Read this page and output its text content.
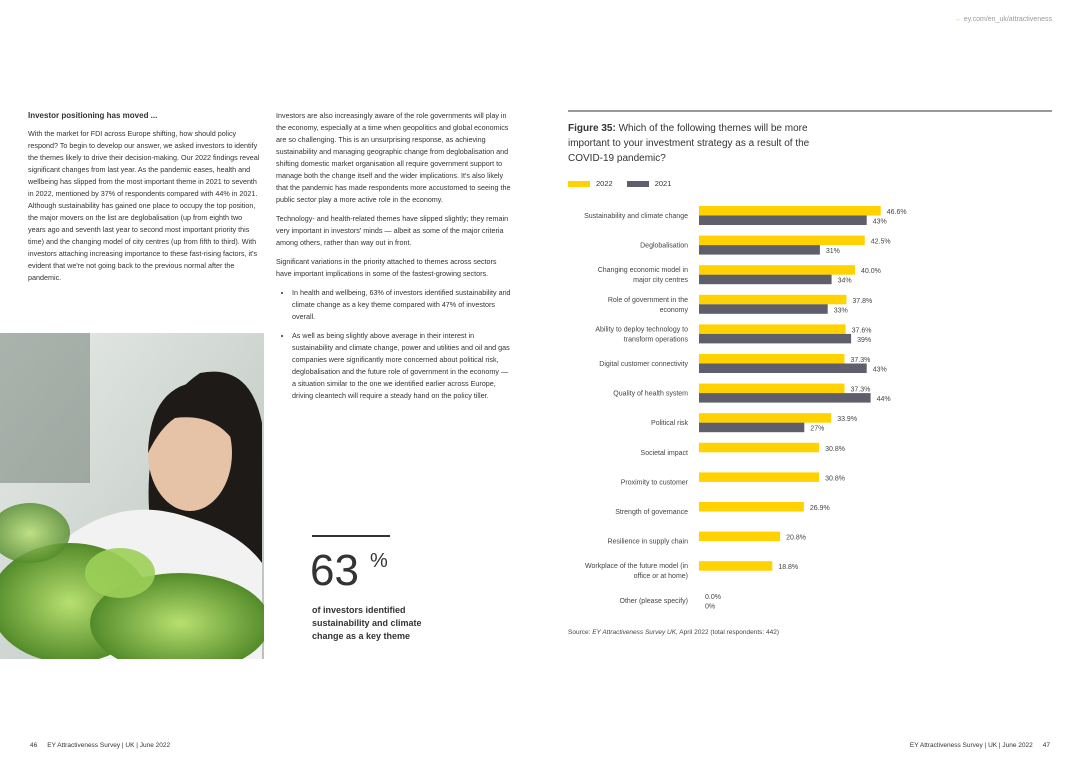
→ ey.com/en_uk/attractiveness
Investor positioning has moved ...

With the market for FDI across Europe shifting, how should policy respond? To begin to develop our answer, we asked investors to identify the themes likely to drive their decision-making. Our 2022 findings reveal significant changes from last year. As the pandemic eases, health and wellbeing has slipped from the most important theme in 2021 to seventh in 2022, mentioned by 37% of respondents compared with 44% in 2021. Although sustainability has gained one place to occupy the top position, the major movers on the list are deglobalisation (up from eighth two years ago and seventh last year to second most important priority this time) and the changing model of city centres (up from fifth to third). With investors attaching increasing importance to these fast-rising factors, it's evident that we're not going back to the previous normal after the pandemic.

Investors are also increasingly aware of the role governments will play in the economy, especially at a time when geopolitics and global economics are so challenging. This is an unsurprising response, as achieving sustainability and managing geographic change from deglobalisation and shifting domestic market organisation all require government support to manage both the change itself and the wider implications. It's also likely that the pandemic has made respondents more accustomed to seeing the public sector play a more active role in the economy.

Technology- and health-related themes have slipped slightly; they remain very important in investors' minds — albeit as some of the major criteria among others, rather than way out in front.

Significant variations in the priority attached to themes across sectors have important implications in some of the fastest-growing sectors.

• In health and wellbeing, 63% of investors identified sustainability and climate change as a key theme compared with 47% of investors overall.
• As well as being slightly above average in their interest in sustainability and climate change, power and utilities and oil and gas companies were significantly more concerned about political risk, deglobalisation and the future role of government in the economy — a situation similar to the one we identified earlier across Europe, driving cleantech will require a steady hand on the policy tiller.
63 %
of investors identified sustainability and climate change as a key theme
Figure 35: Which of the following themes will be more important to your investment strategy as a result of the COVID-19 pandemic?
2022	2021
Sustainability and climate change
46.6%
43%
Deglobalisation
42.5%
31%
Changing economic model in major city centres
40.0%
34%
Role of government in the economy
37.8%
33%
Ability to deploy technology to transform operations
37.6%
39%
Digital customer connectivity
37.3%
43%
Quality of health system
37.3%
44%
Political risk
33.9%
27%
Societal impact
30.8%
Proximity to customer
30.8%
Strength of governance
26.9%
Resilience in supply chain
20.8%
Workplace of the future model (in office or at home)
18.8%
Other (please specify)
0.0%
0%
Source: EY Attractiveness Survey UK, April 2022 (total respondents: 442)
46 EY Attractiveness Survey | UK | June 2022	EY Attractiveness Survey | UK | June 2022 47
